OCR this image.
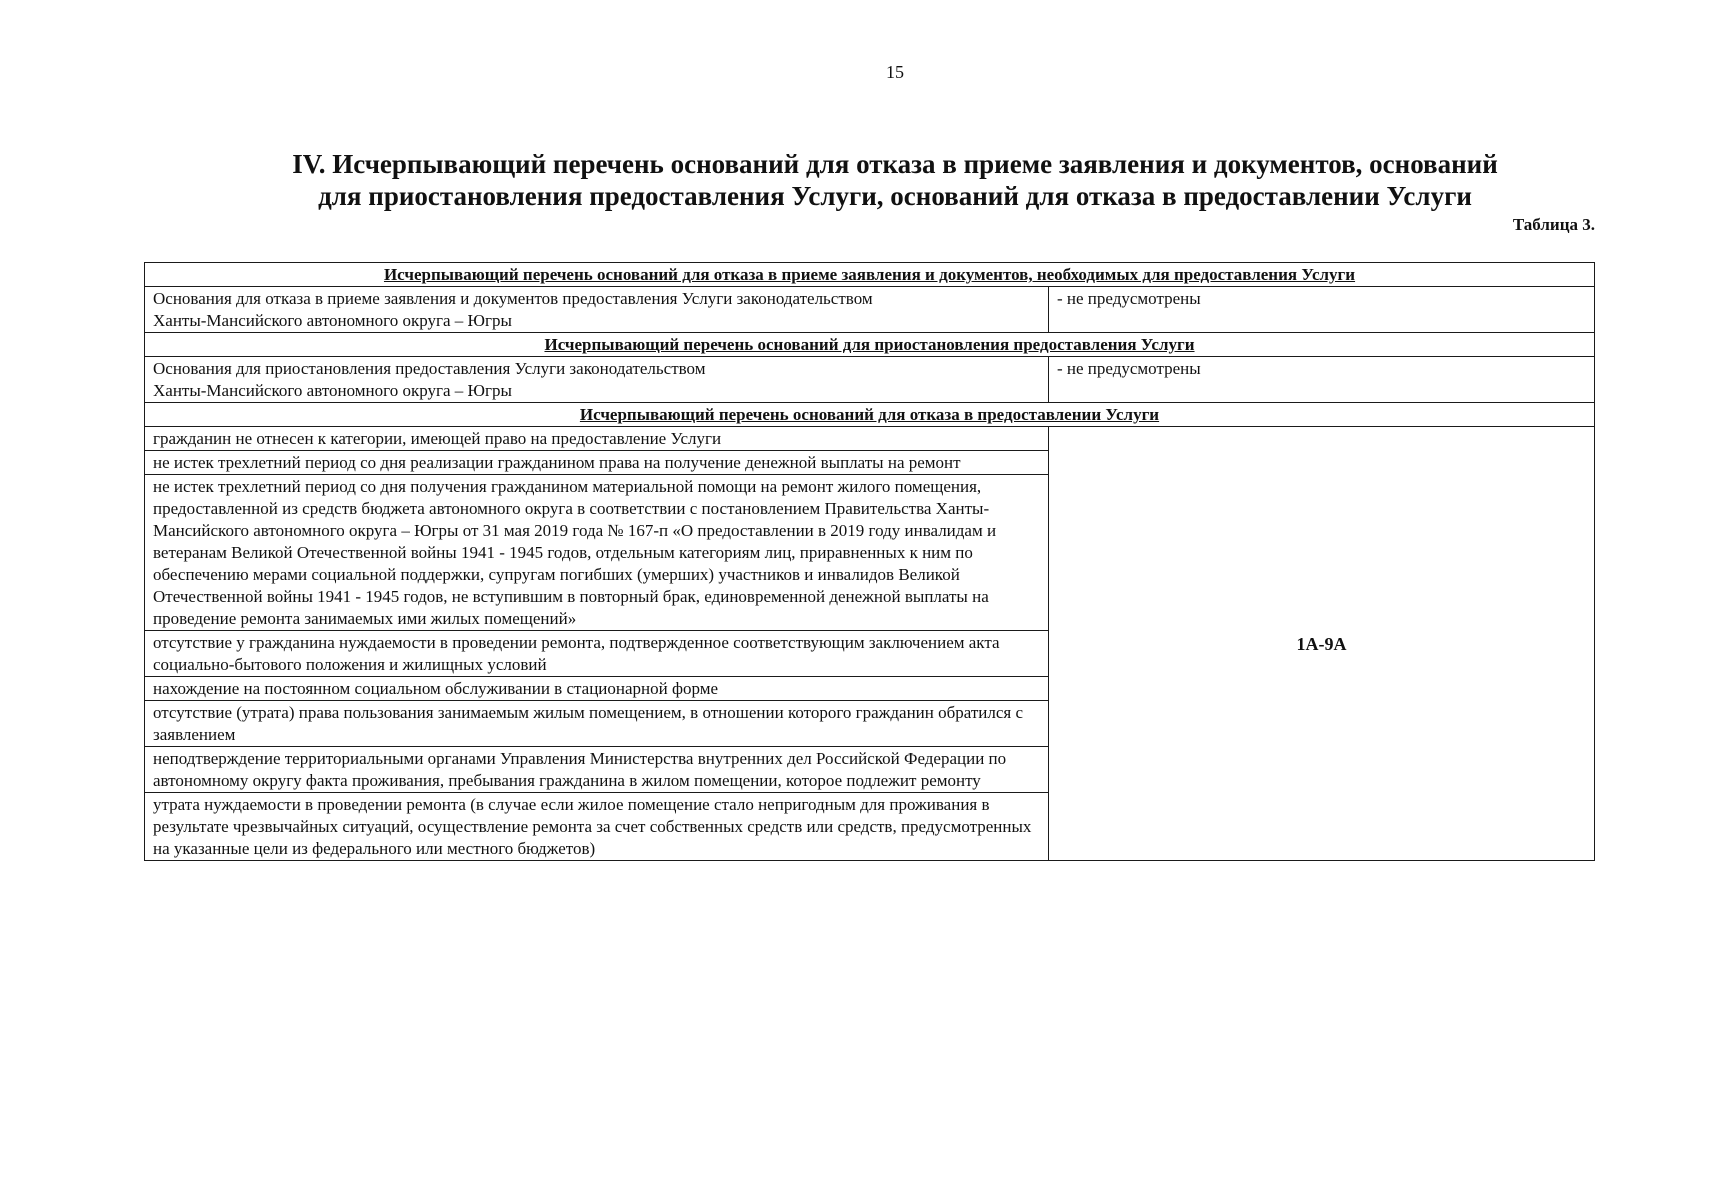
15
IV. Исчерпывающий перечень оснований для отказа в приеме заявления и документов, оснований
для приостановления предоставления Услуги, оснований для отказа в предоставлении Услуги
Таблица 3.
Исчерпывающий перечень оснований для отказа в приеме заявления и документов, необходимых для предоставления Услуги	

Основания для отказа в приеме заявления и документов предоставления Услуги законодательством
Ханты-Мансийского автономного округа – Югры	- не предусмотрены
Исчерпывающий перечень оснований для приостановления предоставления Услуги	

Основания для приостановления предоставления Услуги законодательством
Ханты-Мансийского автономного округа – Югры	- не предусмотрены
Исчерпывающий перечень оснований для отказа в предоставлении Услуги	
гражданин не отнесен к категории, имеющей право на предоставление Услуги	1А-9А
не истек трехлетний период со дня реализации гражданином права на получение денежной выплаты на ремонт	
не истек трехлетний период со дня получения гражданином материальной помощи на ремонт жилого помещения, предоставленной из средств бюджета автономного округа в соответствии с постановлением Правительства Ханты-Мансийского автономного округа – Югры от 31 мая 2019 года № 167-п «О предоставлении в 2019 году инвалидам и ветеранам Великой Отечественной войны 1941 - 1945 годов, отдельным категориям лиц, приравненных к ним по обеспечению мерами социальной поддержки, супругам погибших (умерших) участников и инвалидов Великой Отечественной войны 1941 - 1945 годов, не вступившим в повторный брак, единовременной денежной выплаты на проведение ремонта занимаемых ими жилых помещений»	
отсутствие у гражданина нуждаемости в проведении ремонта, подтвержденное соответствующим заключением акта социально-бытового положения и жилищных условий	
нахождение на постоянном социальном обслуживании в стационарной форме	
отсутствие (утрата) права пользования занимаемым жилым помещением, в отношении которого гражданин обратился с заявлением	
неподтверждение территориальными органами Управления Министерства внутренних дел Российской Федерации по автономному округу факта проживания, пребывания гражданина в жилом помещении, которое подлежит ремонту	
утрата нуждаемости в проведении ремонта (в случае если жилое помещение стало непригодным для проживания в результате чрезвычайных ситуаций, осуществление ремонта за счет собственных средств или средств, предусмотренных на указанные цели из федерального или местного бюджетов)	
